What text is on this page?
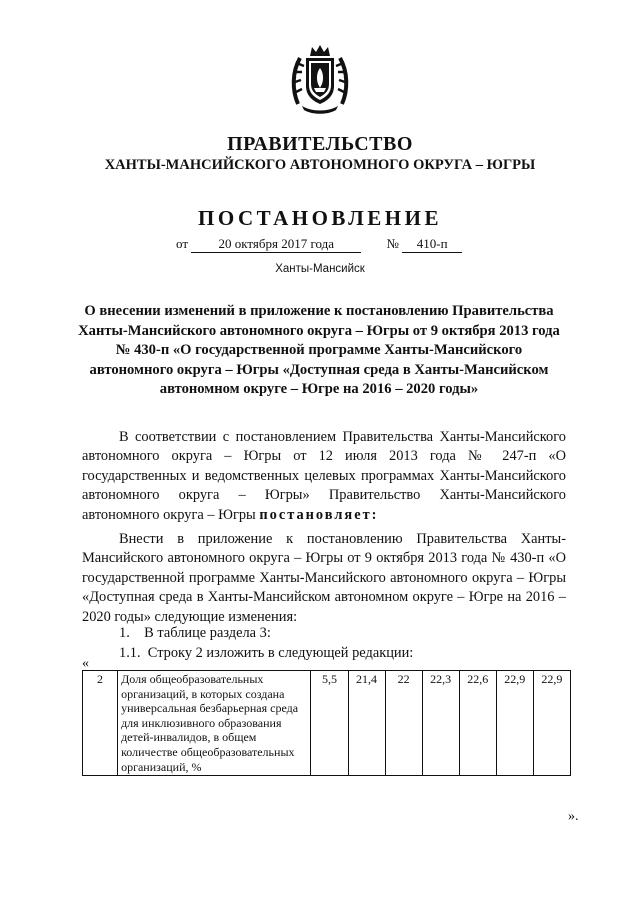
ПРАВИТЕЛЬСТВО
ХАНТЫ-МАНСИЙСКОГО АВТОНОМНОГО ОКРУГА – ЮГРЫ
ПОСТАНОВЛЕНИЕ
от 20 октября 2017 года	№ 410-п
Ханты-Мансийск
О внесении изменений в приложение к постановлению Правительства Ханты-Мансийского автономного округа – Югры от 9 октября 2013 года № 430-п «О государственной программе Ханты-Мансийского автономного округа – Югры «Доступная среда в Ханты-Мансийском автономном округе – Югре на 2016 – 2020 годы»
В соответствии с постановлением Правительства Ханты-Мансийского автономного округа – Югры от 12 июля 2013 года № 247-п «О государственных и ведомственных целевых программах Ханты-Мансийского автономного округа – Югры» Правительство Ханты-Мансийского автономного округа – Югры постановляет:
Внести в приложение к постановлению Правительства Ханты-Мансийского автономного округа – Югры от 9 октября 2013 года № 430-п «О государственной программе Ханты-Мансийского автономного округа – Югры «Доступная среда в Ханты-Мансийском автономном округе – Югре на 2016 – 2020 годы» следующие изменения:
1.    В таблице раздела 3:
1.1.  Строку 2 изложить в следующей редакции:
«
2	Доля общеобразовательных организаций, в которых создана универсальная безбарьерная среда для инклюзивного образования детей-инвалидов, в общем количестве общеобразовательных организаций, %	5,5	21,4	22	22,3	22,6	22,9	22,9
».
